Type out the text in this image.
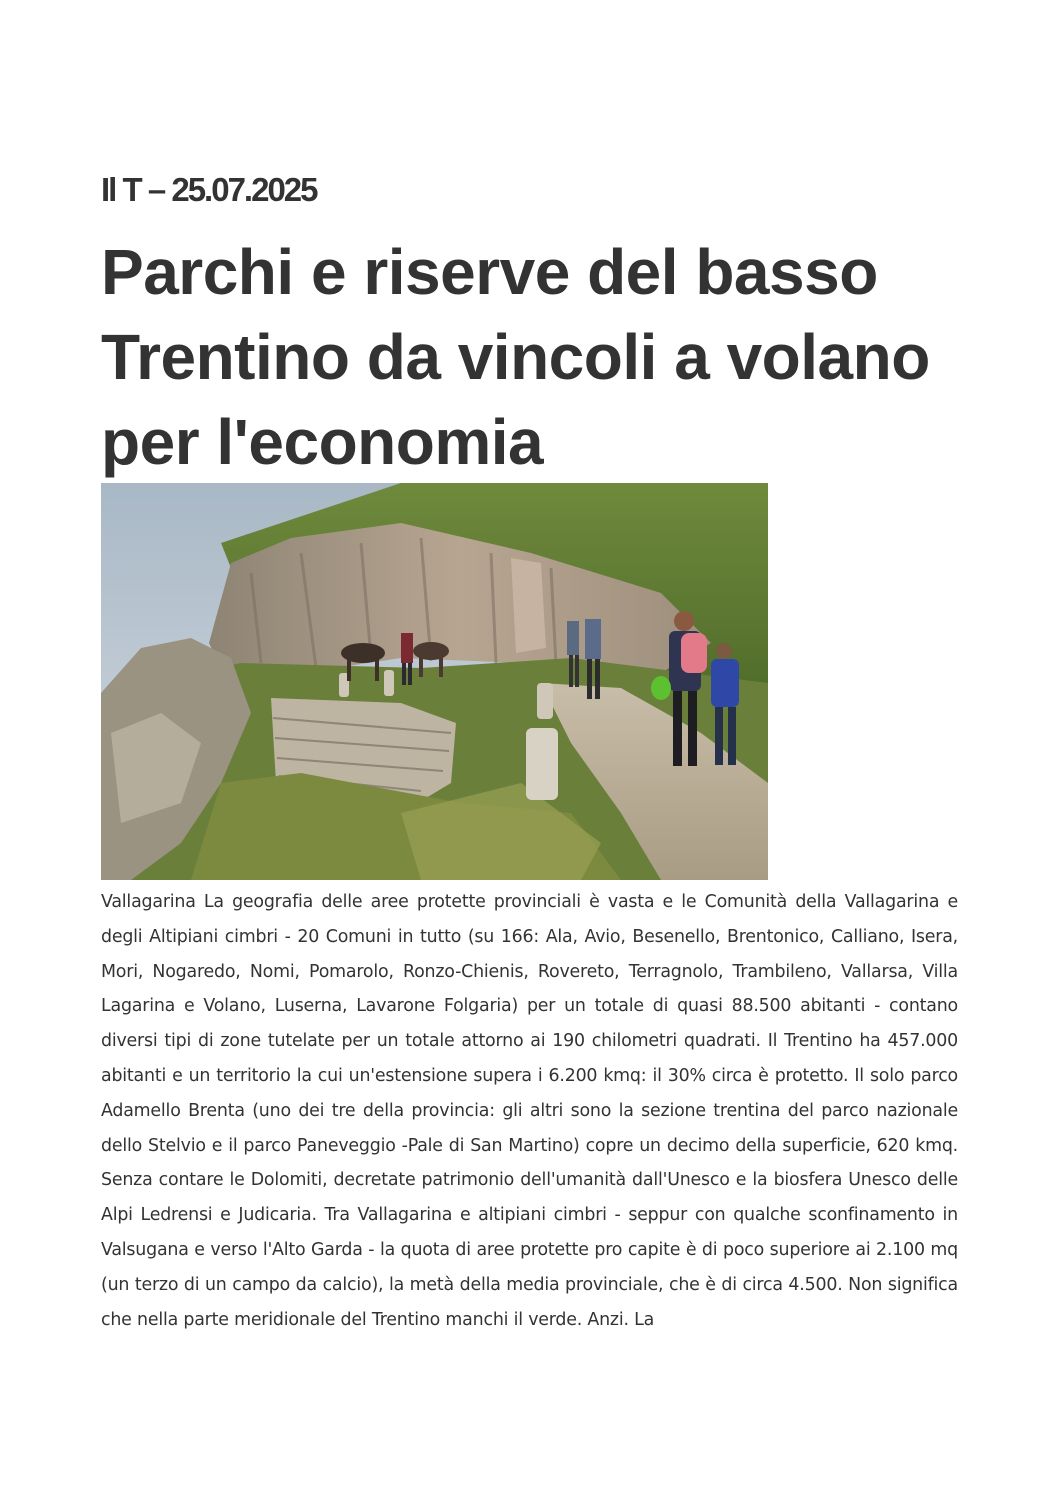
Il T – 25.07.2025
Parchi e riserve del basso Trentino da vincoli a volano per l'economia

Vallagarina La geografia delle aree protette provinciali è vasta e le Comunità della Vallagarina e degli Altipiani cimbri - 20 Comuni in tutto (su 166: Ala, Avio, Besenello, Brentonico, Calliano, Isera, Mori, Nogaredo, Nomi, Pomarolo, Ronzo-Chienis, Rovereto, Terragnolo, Trambileno, Vallarsa, Villa Lagarina e Volano, Luserna, Lavarone Folgaria) per un totale di quasi 88.500 abitanti - contano diversi tipi di zone tutelate per un totale attorno ai 190 chilometri quadrati. Il Trentino ha 457.000 abitanti e un territorio la cui un'estensione supera i 6.200 kmq: il 30% circa è protetto. Il solo parco Adamello Brenta (uno dei tre della provincia: gli altri sono la sezione trentina del parco nazionale dello Stelvio e il parco Paneveggio -Pale di San Martino) copre un decimo della superficie, 620 kmq. Senza contare le Dolomiti, decretate patrimonio dell'umanità dall'Unesco e la biosfera Unesco delle Alpi Ledrensi e Judicaria. Tra Vallagarina e altipiani cimbri - seppur con qualche sconfinamento in Valsugana e verso l'Alto Garda - la quota di aree protette pro capite è di poco superiore ai 2.100 mq (un terzo di un campo da calcio), la metà della media provinciale, che è di circa 4.500. Non significa che nella parte meridionale del Trentino manchi il verde. Anzi. La
